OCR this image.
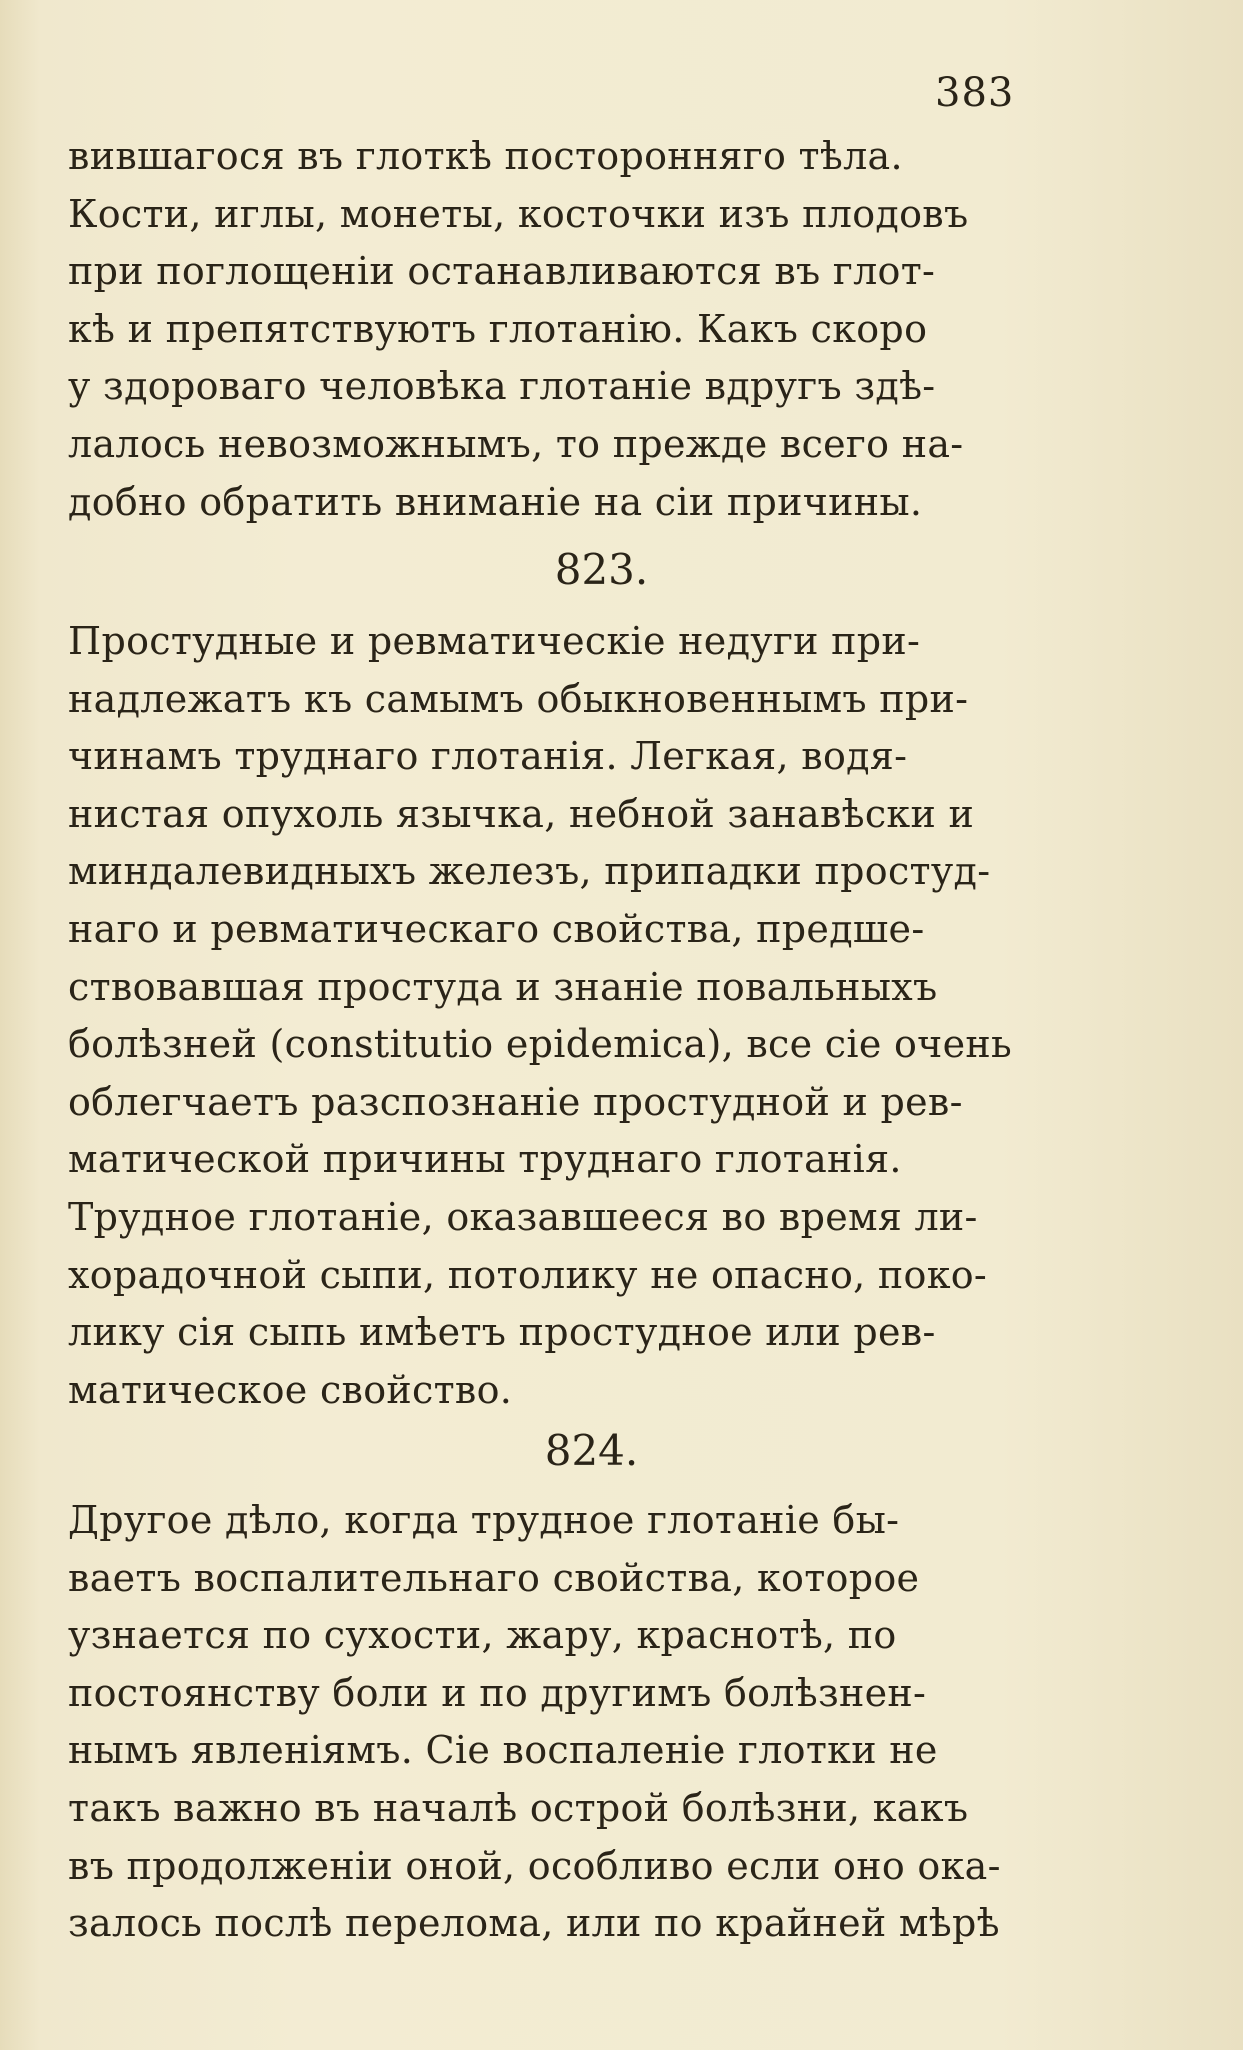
383

вившагося въ глоткѣ посторонняго тѣла.
Кости, иглы, монеты, косточки изъ плодовъ
при поглощеніи останавливаются въ глот-
кѣ и препятствуютъ глотанію. Какъ скоро
у здороваго человѣка глотаніе вдругъ здѣ-
лалось невозможнымъ, то прежде всего на-
добно обратить вниманіе на сіи причины.

823.

Простудные и ревматическіе недуги при-
надлежатъ къ самымъ обыкновеннымъ при-
чинамъ труднаго глотанія. Легкая, водя-
нистая опухоль язычка, небной занавѣски и
миндалевидныхъ железъ, припадки простуд-
наго и ревматическаго свойства, предше-
ствовавшая простуда и знаніе повальныхъ
болѣзней (constitutio epidemica), все сіе очень
облегчаетъ разспознаніе простудной и рев-
матической причины труднаго глотанія.
Трудное глотаніе, оказавшееся во время ли-
хорадочной сыпи, потолику не опасно, поко-
лику сія сыпь имѣетъ простудное или рев-
матическое свойство.

824.

Другое дѣло, когда трудное глотаніе бы-
ваетъ воспалительнаго свойства, которое
узнается по сухости, жару, краснотѣ, по
постоянству боли и по другимъ болѣзнен-
нымъ явленіямъ. Сіе воспаленіе глотки не
такъ важно въ началѣ острой болѣзни, какъ
въ продолженіи оной, особливо если оно ока-
залось послѣ перелома, или по крайней мѣрѣ
